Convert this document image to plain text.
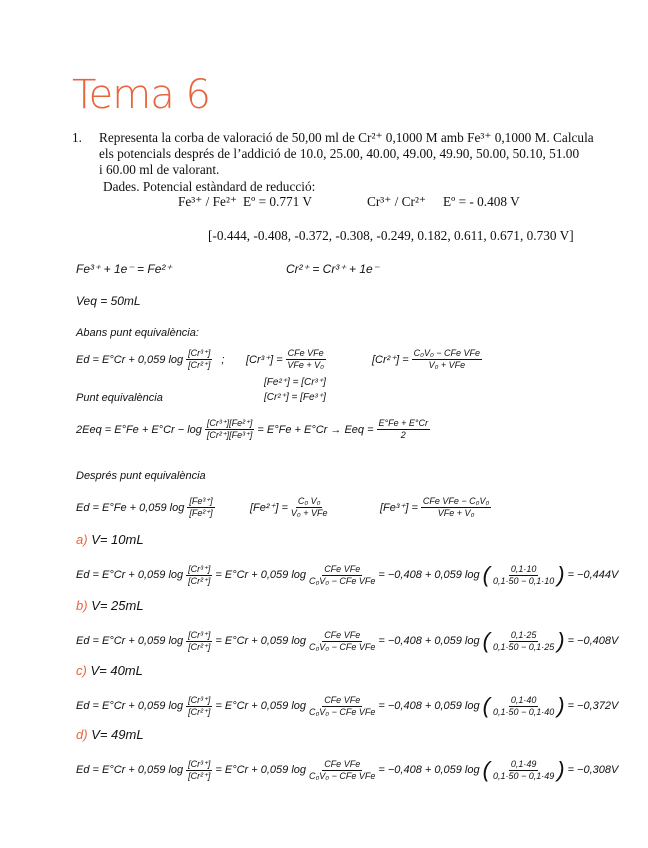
Tema 6
1. Representa la corba de valoració de 50,00 ml de Cr²⁺ 0,1000 M amb Fe³⁺ 0,1000 M. Calcula
els potencials després de l’addició de 10.0, 25.00, 40.00, 49.00, 49.90, 50.00, 50.10, 51.00
i 60.00 ml de valorant.
Dades. Potencial estàndard de reducció:
Fe³⁺ / Fe²⁺ Eº = 0.771 V	Cr³⁺ / Cr²⁺ Eº = - 0.408 V
[-0.444, -0.408, -0.372, -0.308, -0.249, 0.182, 0.611, 0.671, 0.730 V]
Fe³⁺ + 1e⁻ = Fe²⁺	Cr²⁺ = Cr³⁺ + 1e⁻
Veq = 50mL
Abans punt equivalència:
Ed = E°Cr + 0,059 $\log \frac{\text{[Cr³⁺]}}{\text{[Cr²⁺]}}$ ; $[Cr^{3+}] = \frac{\text{CFe VFe}}{\text{VFe + V₀}}$	$[Cr^{2+}] = \frac{\text{C₀V₀ − CFe VFe}}{\text{V₀ + VFe}}$
[Fe²⁺] = [Cr³⁺]
[Cr²⁺] = [Fe³⁺]
Punt equivalència
$2Eeq = E^\circ Fe + E^\circ Cr - \log \frac{\text{[Cr³⁺][Fe²⁺]}}{\text{[Cr²⁺][Fe³⁺]}} = E^\circ Fe + E^\circ Cr$ → Eeq = $\frac{E^\circ Fe + E^\circ Cr}{2}$
Després punt equivalència
Ed = E°Fe + 0,059 $\log \frac{\text{[Fe³⁺]}}{\text{[Fe²⁺]}}$	$[Fe^{2+}] = \frac{\text{C₀ V₀}}{\text{V₀ + VFe}}$	$[Fe^{3+}] = \frac{\text{CFe VFe − C₀V₀}}{\text{VFe + V₀}}$
a) V= 10mL
Ed = E°Cr + 0,059 $\log \frac{\text{[Cr³⁺]}}{\text{[Cr²⁺]}} = E^\circ Cr + 0,059$ $\log \frac{\text{CFe VFe}}{\text{C₀V₀ − CFe VFe}} = -0,408 + 0,059$ log ( $\frac{0,1\cdot 10}{0,1\cdot 50 - 0,1\cdot 10}$ ) = −0,444V
b) V= 25mL
Ed = E°Cr + 0,059 $\log \frac{\text{[Cr³⁺]}}{\text{[Cr²⁺]}} = E^\circ Cr + 0,059$ $\log \frac{\text{CFe VFe}}{\text{C₀V₀ − CFe VFe}} = -0,408 + 0,059$ log ( $\frac{0,1\cdot 25}{0,1\cdot 50 - 0,1\cdot 25}$ ) = −0,408V
c) V= 40mL
Ed = E°Cr + 0,059 $\log \frac{\text{[Cr³⁺]}}{\text{[Cr²⁺]}} = E^\circ Cr + 0,059$ $\log \frac{\text{CFe VFe}}{\text{C₀V₀ − CFe VFe}} = -0,408 + 0,059$ log ( $\frac{0,1\cdot 40}{0,1\cdot 50 - 0,1\cdot 40}$ ) = −0,372V
d) V= 49mL
Ed = E°Cr + 0,059 $\log \frac{\text{[Cr³⁺]}}{\text{[Cr²⁺]}} = E^\circ Cr + 0,059$ $\log \frac{\text{CFe VFe}}{\text{C₀V₀ − CFe VFe}} = -0,408 + 0,059$ log ( $\frac{0,1\cdot 49}{0,1\cdot 50 - 0,1\cdot 49}$ ) = −0,308V
